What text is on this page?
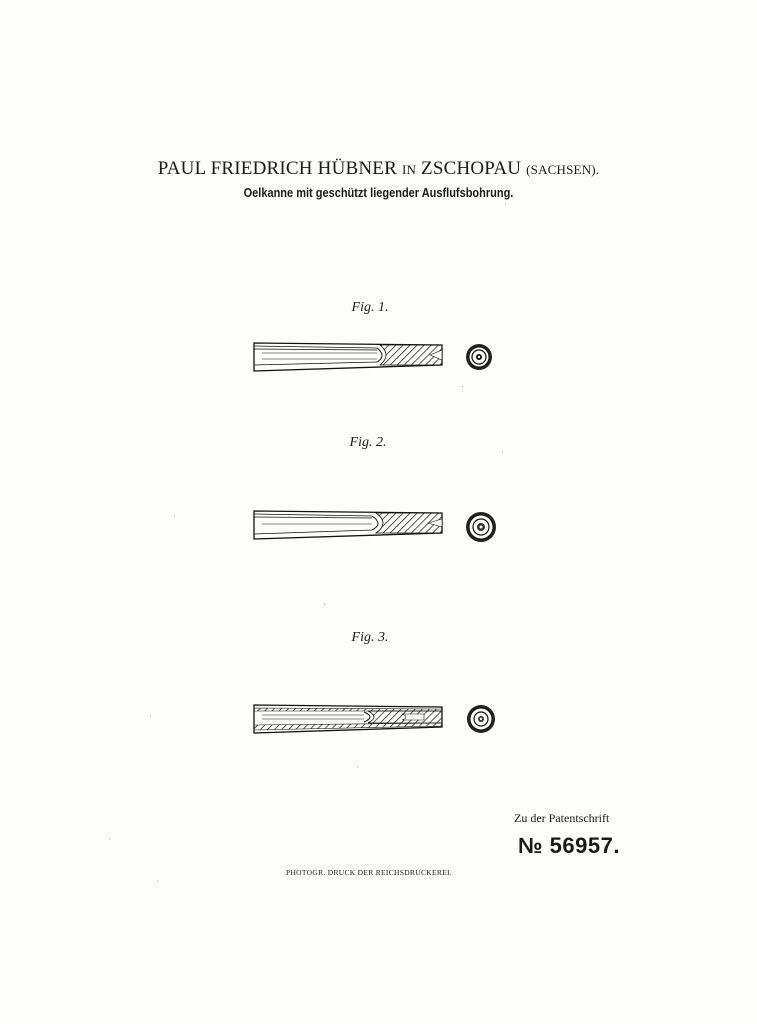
PAUL FRIEDRICH HÜBNER IN ZSCHOPAU (SACHSEN).
Oelkanne mit geschützt liegender Ausflufsbohrung.
Fig. 1.
Fig. 2.
Fig. 3.
Zu der Patentschrift
№ 56957.
PHOTOGR. DRUCK DER REICHSDRUCKEREI.
